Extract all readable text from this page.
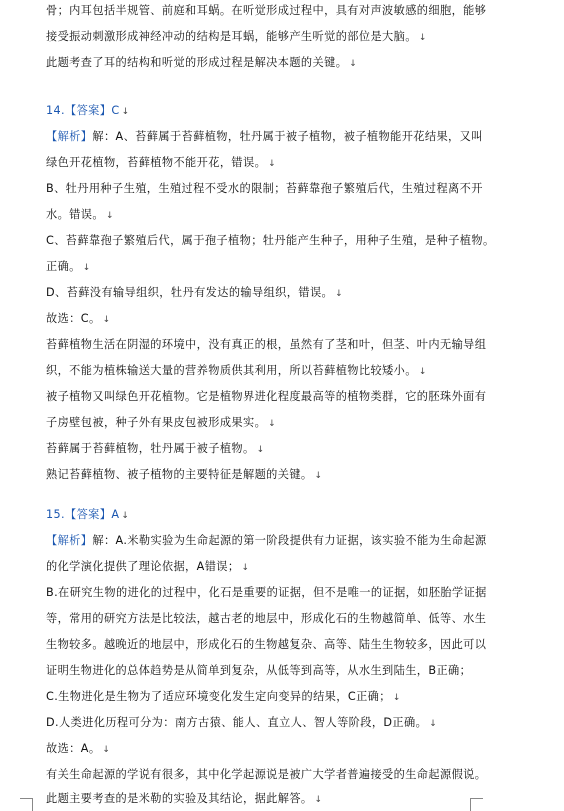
骨；内耳包括半规管、前庭和耳蜗。在听觉形成过程中，具有对声波敏感的细胞，能够
接受振动刺激形成神经冲动的结构是耳蜗，能够产生听觉的部位是大脑。 ↓
此题考查了耳的结构和听觉的形成过程是解决本题的关键。 ↓
14.【答案】C ↓
【解析】解：A、苔藓属于苔藓植物，牡丹属于被子植物，被子植物能开花结果，又叫
绿色开花植物，苔藓植物不能开花，错误。 ↓
B、牡丹用种子生殖，生殖过程不受水的限制；苔藓靠孢子繁殖后代，生殖过程离不开
水。错误。 ↓
C、苔藓靠孢子繁殖后代，属于孢子植物；牡丹能产生种子，用种子生殖，是种子植物。
正确。 ↓
D、苔藓没有输导组织，牡丹有发达的输导组织，错误。 ↓
故选：C。 ↓
苔藓植物生活在阴湿的环境中，没有真正的根，虽然有了茎和叶，但茎、叶内无输导组
织，不能为植株输送大量的营养物质供其利用，所以苔藓植物比较矮小。 ↓
被子植物又叫绿色开花植物。它是植物界进化程度最高等的植物类群，它的胚珠外面有
子房壁包被，种子外有果皮包被形成果实。 ↓
苔藓属于苔藓植物，牡丹属于被子植物。 ↓
熟记苔藓植物、被子植物的主要特征是解题的关键。 ↓
15.【答案】A ↓
【解析】解：A.米勒实验为生命起源的第一阶段提供有力证据，该实验不能为生命起源
的化学演化提供了理论依据，A错误； ↓
B.在研究生物的进化的过程中，化石是重要的证据，但不是唯一的证据，如胚胎学证据
等，常用的研究方法是比较法，越古老的地层中，形成化石的生物越简单、低等、水生
生物较多。越晚近的地层中，形成化石的生物越复杂、高等、陆生生物较多，因此可以
证明生物进化的总体趋势是从简单到复杂，从低等到高等，从水生到陆生，B正确；
C.生物进化是生物为了适应环境变化发生定向变异的结果，C正确； ↓
D.人类进化历程可分为：南方古猿、能人、直立人、智人等阶段，D正确。 ↓
故选：A。 ↓
有关生命起源的学说有很多，其中化学起源说是被广大学者普遍接受的生命起源假说。
此题主要考查的是米勒的实验及其结论，据此解答。 ↓
